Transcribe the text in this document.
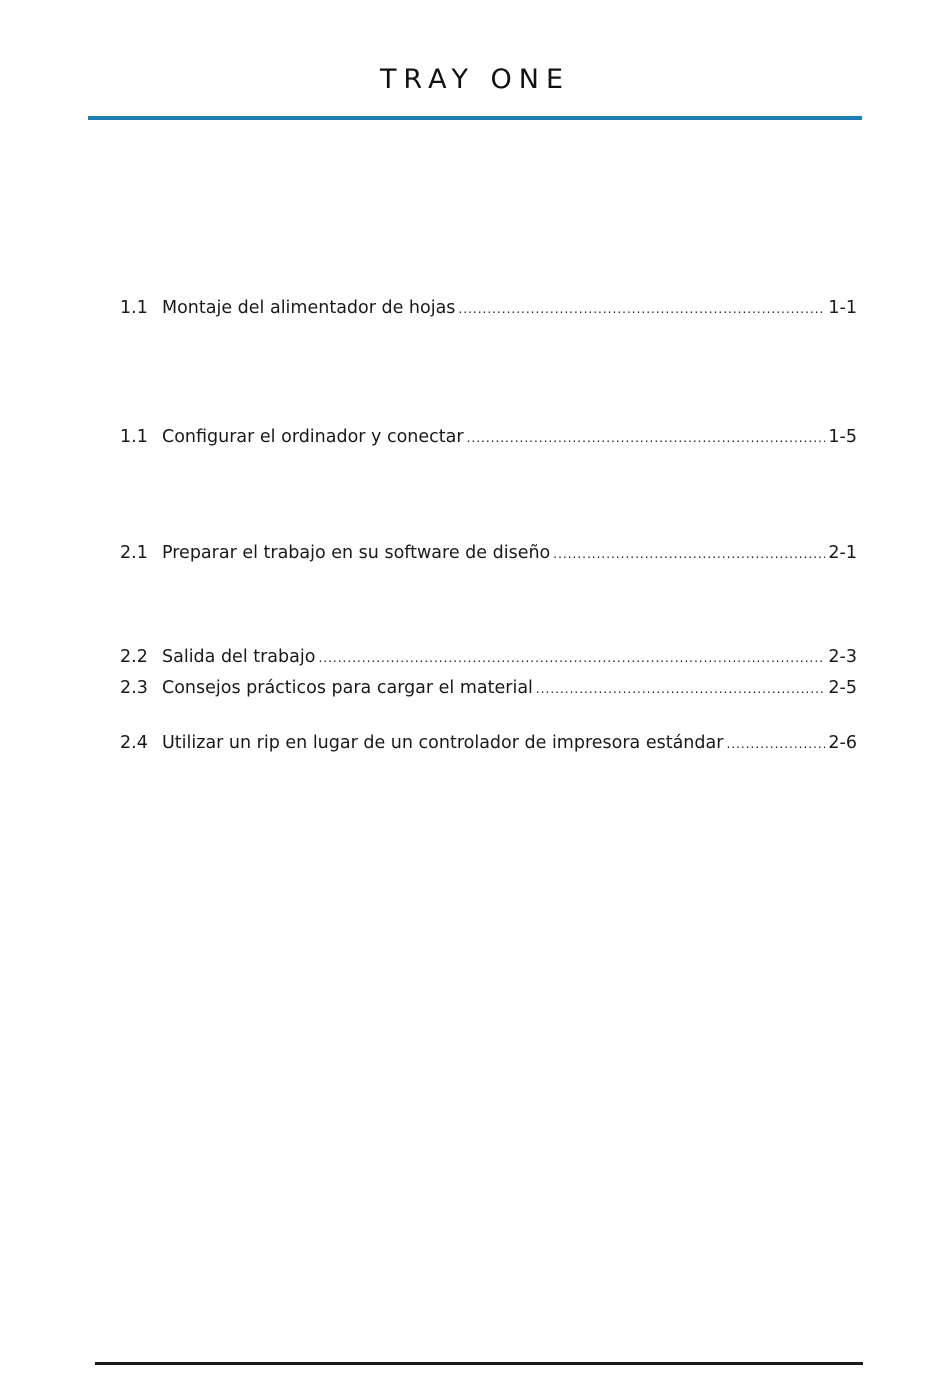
TRAY ONE
1.1 Montaje del alimentador de hojas .....	1-1
1.1 Configurar el ordinador y conectar .....	1-5
2.1 Preparar el trabajo en su software de diseño .....	2-1
2.2 Salida del trabajo .....	2-3
2.3 Consejos prácticos para cargar el material .....	2-5
2.4 Utilizar un rip en lugar de un controlador de impresora estándar .....	2-6
